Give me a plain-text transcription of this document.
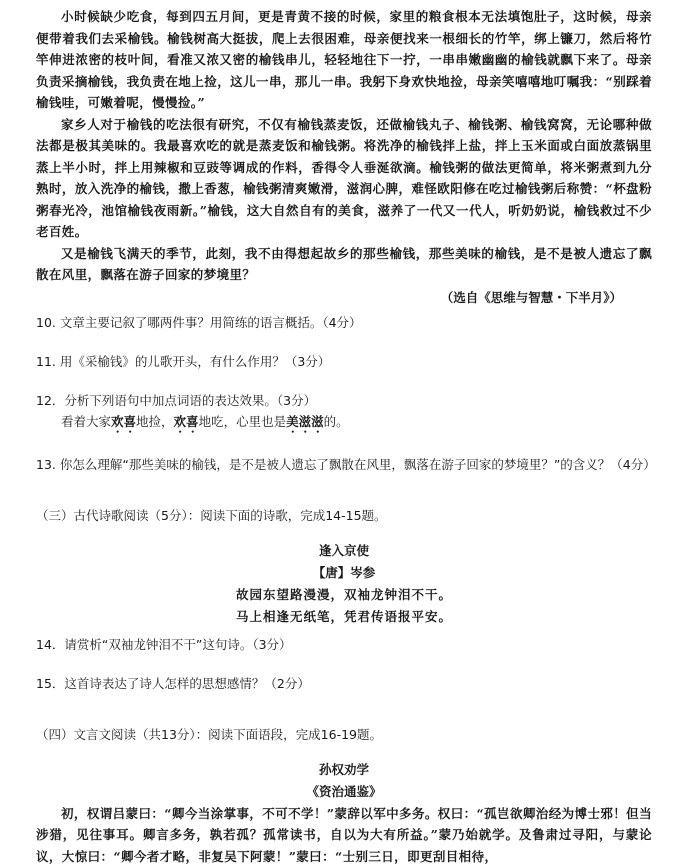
小时候缺少吃食，每到四五月间，更是青黄不接的时候，家里的粮食根本无法填饱肚子，这时候，母亲便带着我们去采榆钱。榆钱树高大挺拔，爬上去很困难，母亲便找来一根细长的竹竿，绑上镰刀，然后将竹竿伸进浓密的枝叶间，看准又浓又密的榆钱串儿，轻轻地往下一拧，一串串嫩幽幽的榆钱就飘下来了。母亲负责采摘榆钱，我负责在地上捡，这儿一串，那儿一串。我躬下身欢快地捡，母亲笑嘻嘻地叮嘱我：“别踩着榆钱哇，可嫩着呢，慢慢捡。”

家乡人对于榆钱的吃法很有研究，不仅有榆钱蒸麦饭，还做榆钱丸子、榆钱粥、榆钱窝窝，无论哪种做法都是极其美味的。我最喜欢吃的就是蒸麦饭和榆钱粥。将洗净的榆钱拌上盐，拌上玉米面或白面放蒸锅里蒸上半小时，拌上用辣椒和豆豉等调成的作料，香得令人垂涎欲滴。榆钱粥的做法更简单，将米粥煮到九分熟时，放入洗净的榆钱，撒上香葱，榆钱粥清爽嫩滑，滋润心脾，难怪欧阳修在吃过榆钱粥后称赞：“杯盘粉粥春光冷，池馆榆钱夜雨新。”榆钱，这大自然自有的美食，滋养了一代又一代人，听奶奶说，榆钱救过不少老百姓。

又是榆钱飞满天的季节，此刻，我不由得想起故乡的那些榆钱，那些美味的榆钱，是不是被人遗忘了飘散在风里，飘落在游子回家的梦境里？

（选自《思维与智慧・下半月》）

10. 文章主要记叙了哪两件事？用简练的语言概括。（4分）

11. 用《采榆钱》的儿歌开头，有什么作用？（3分）

12．分析下列语句中加点词语的表达效果。（3分）

看着大家欢喜地捡，欢喜地吃，心里也是美滋滋的。

13. 你怎么理解“那些美味的榆钱，是不是被人遗忘了飘散在风里，飘落在游子回家的梦境里？”的含义？（4分）

（三）古代诗歌阅读（5分）：阅读下面的诗歌，完成14-15题。

逢入京使
【唐】岑参
故园东望路漫漫，双袖龙钟泪不干。
马上相逢无纸笔，凭君传语报平安。

14．请赏析“双袖龙钟泪不干”这句诗。（3分）

15．这首诗表达了诗人怎样的思想感情？（2分）

（四）文言文阅读（共13分）：阅读下面语段，完成16-19题。

孙权劝学
《资治通鉴》

初，权谓吕蒙曰：“卿今当涂掌事，不可不学！”蒙辞以军中多务。权曰：“孤岂欲卿治经为博士邪！但当涉猎，见往事耳。卿言多务，孰若孤？孤常读书，自以为大有所益。”蒙乃始就学。及鲁肃过寻阳，与蒙论议，大惊曰：“卿今者才略，非复吴下阿蒙！”蒙曰：“士别三日，即更刮目相待，
